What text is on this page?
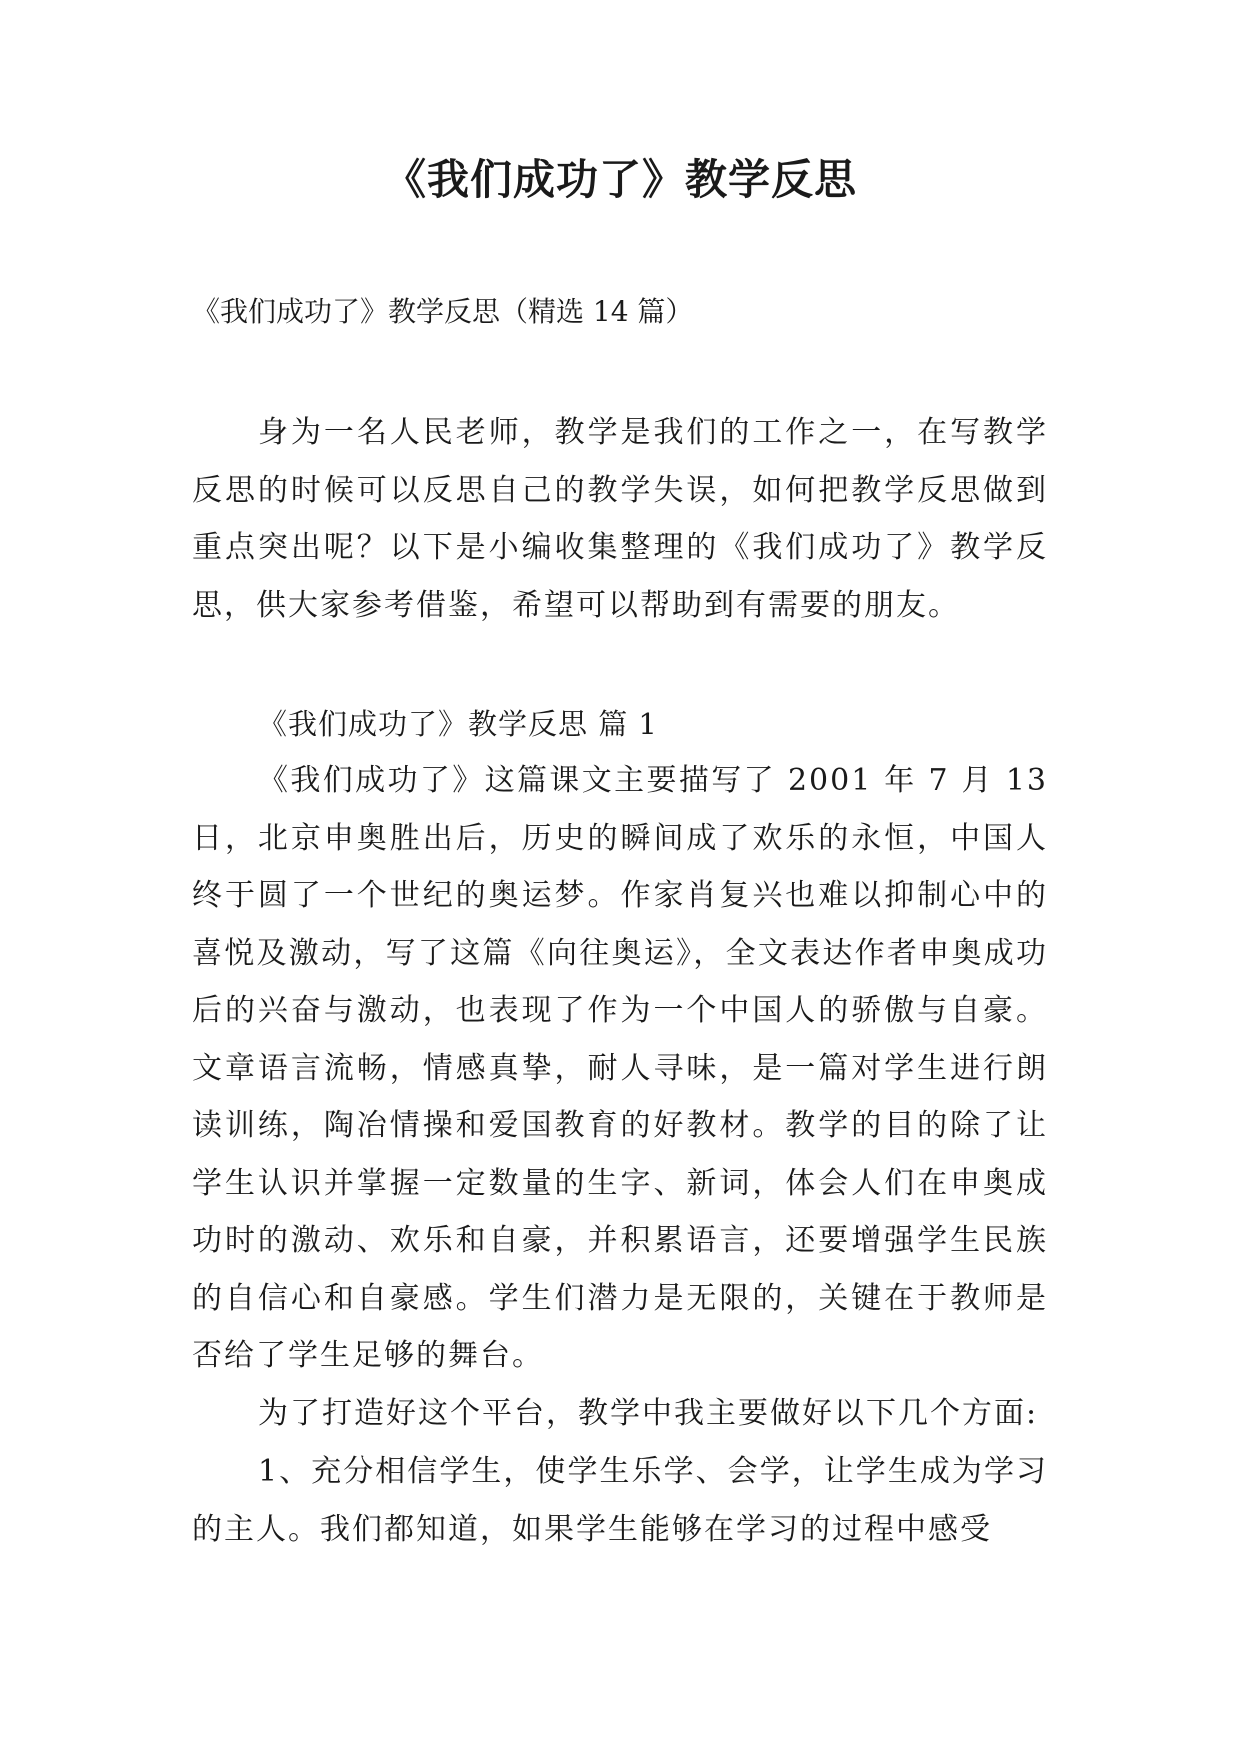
《我们成功了》教学反思
《我们成功了》教学反思（精选 14 篇）
身为一名人民老师，教学是我们的工作之一，在写教学反思的时候可以反思自己的教学失误，如何把教学反思做到重点突出呢？以下是小编收集整理的《我们成功了》教学反思，供大家参考借鉴，希望可以帮助到有需要的朋友。
《我们成功了》教学反思 篇 1
《我们成功了》这篇课文主要描写了 2001 年 7 月 13 日，北京申奥胜出后，历史的瞬间成了欢乐的永恒，中国人终于圆了一个世纪的奥运梦。作家肖复兴也难以抑制心中的喜悦及激动，写了这篇《向往奥运》，全文表达作者申奥成功后的兴奋与激动，也表现了作为一个中国人的骄傲与自豪。文章语言流畅，情感真挚，耐人寻味，是一篇对学生进行朗读训练，陶冶情操和爱国教育的好教材。教学的目的除了让学生认识并掌握一定数量的生字、新词，体会人们在申奥成功时的激动、欢乐和自豪，并积累语言，还要增强学生民族的自信心和自豪感。学生们潜力是无限的，关键在于教师是否给了学生足够的舞台。
为了打造好这个平台，教学中我主要做好以下几个方面:
1、充分相信学生，使学生乐学、会学，让学生成为学习的主人。我们都知道，如果学生能够在学习的过程中感受
